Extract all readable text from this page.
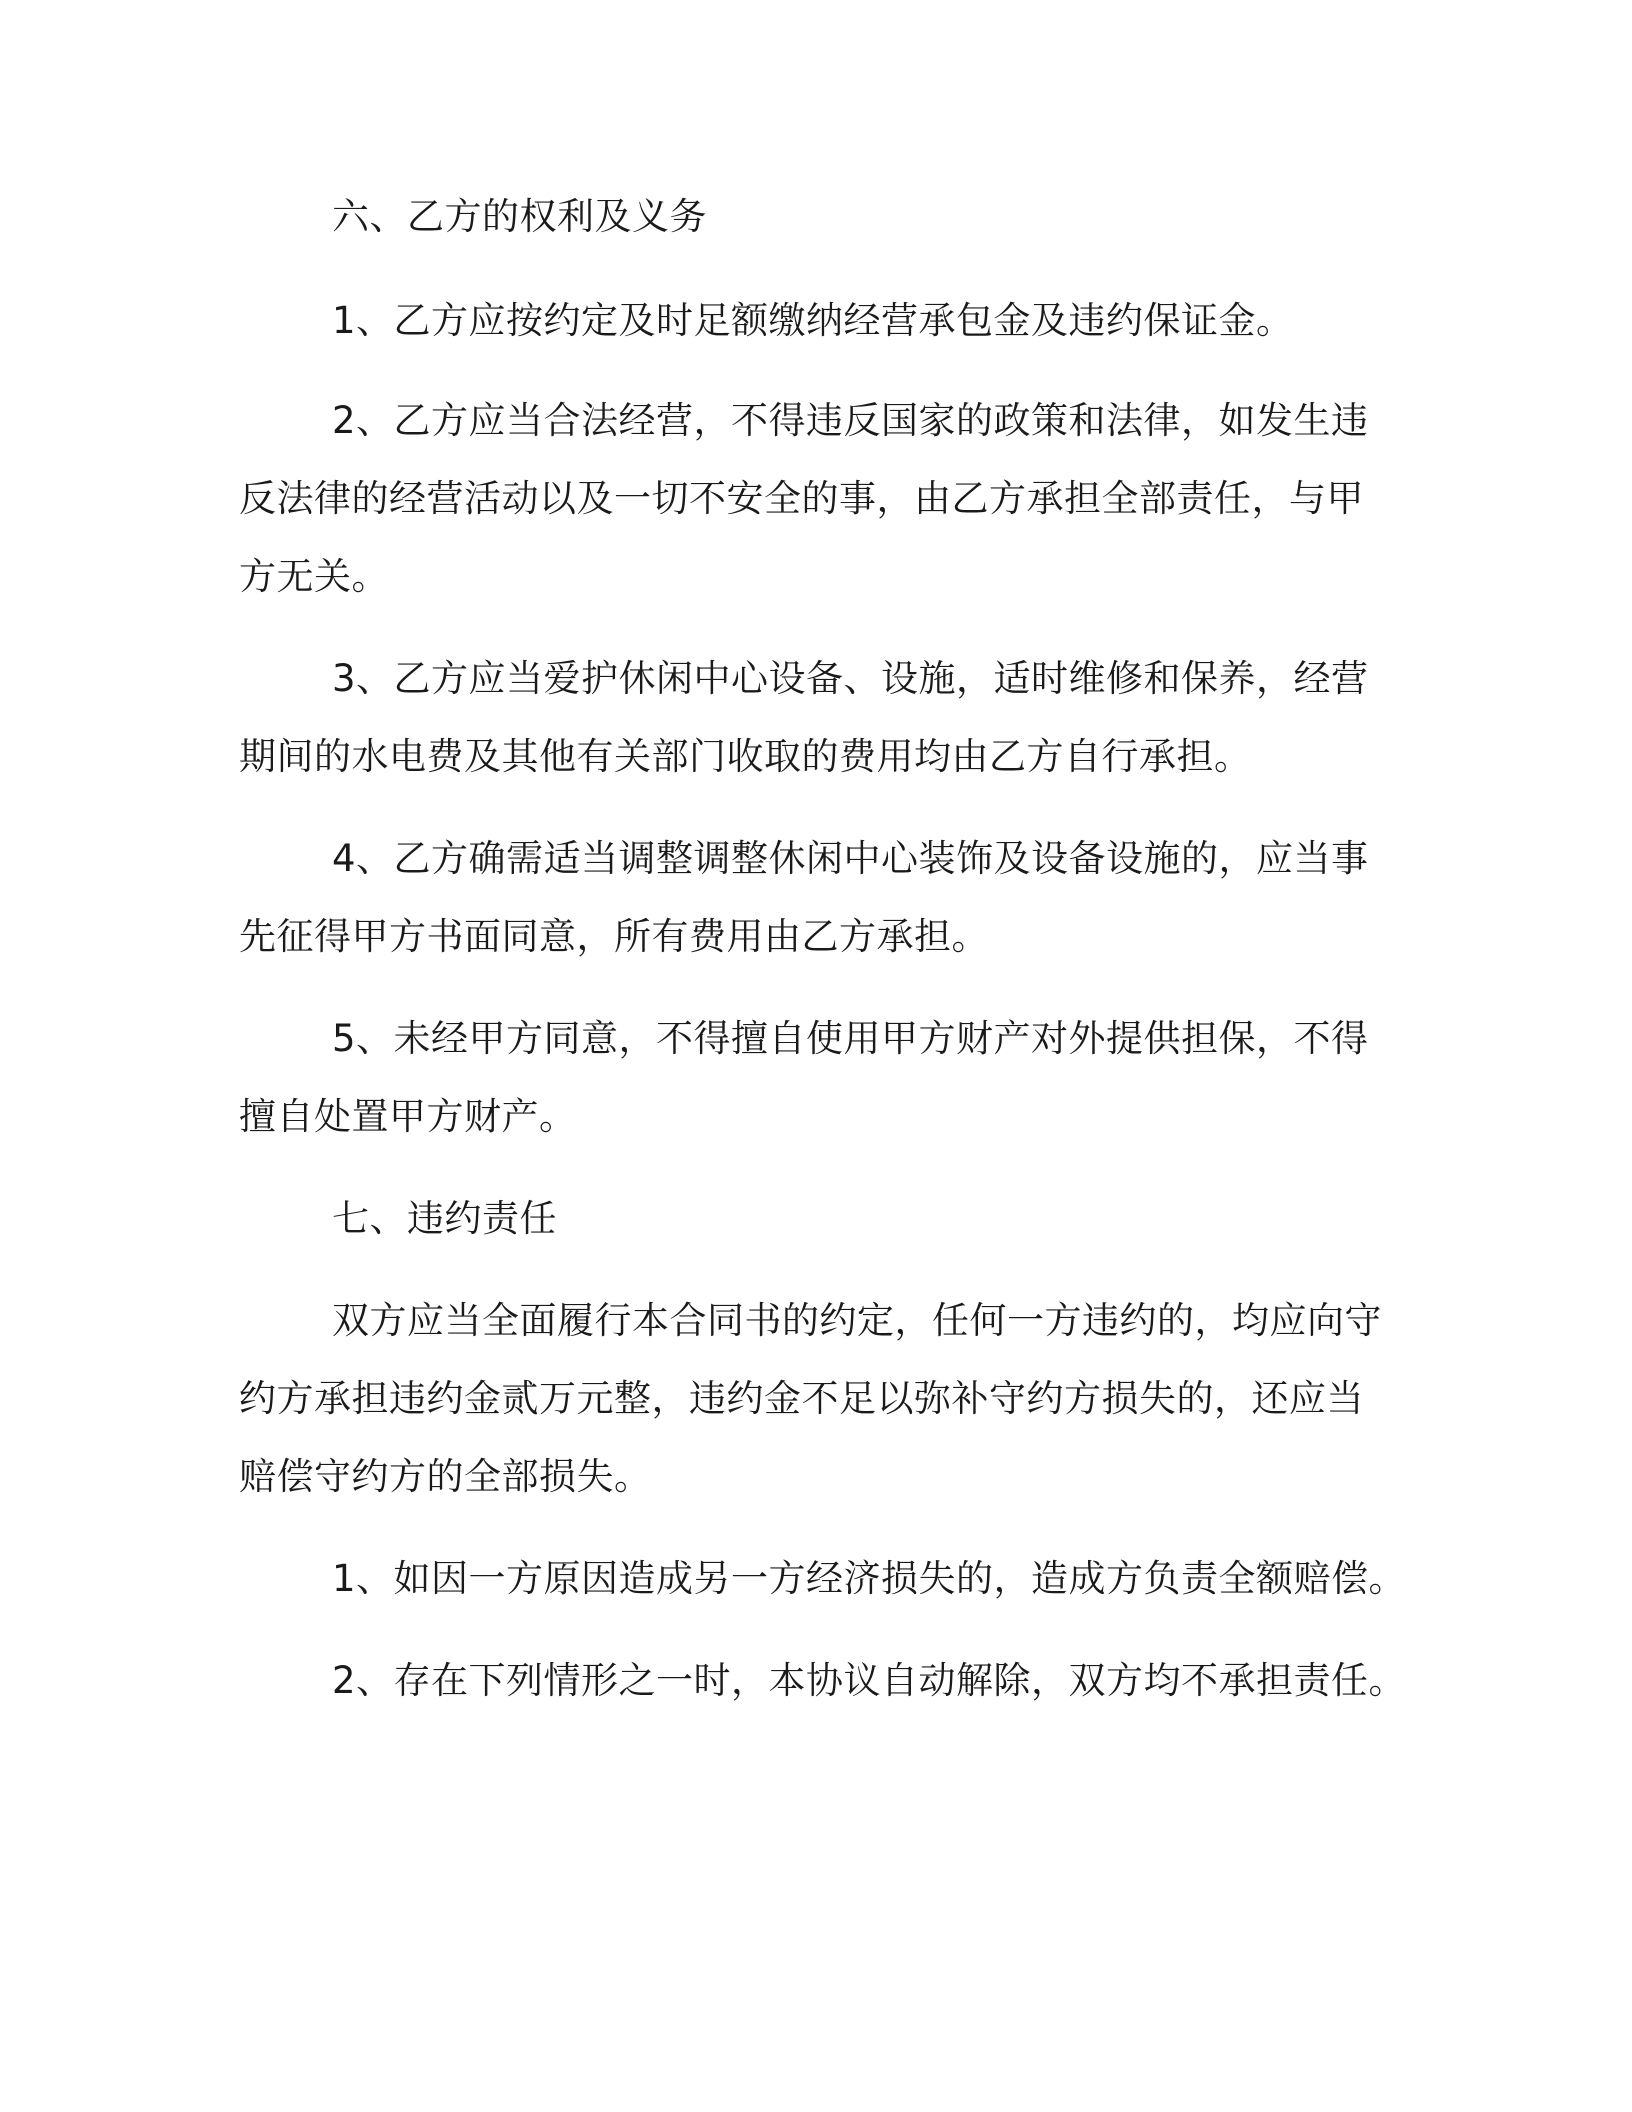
六、乙方的权利及义务
1、乙方应按约定及时足额缴纳经营承包金及违约保证金。
2、乙方应当合法经营，不得违反国家的政策和法律，如发生违
反法律的经营活动以及一切不安全的事，由乙方承担全部责任，与甲
方无关。
3、乙方应当爱护休闲中心设备、设施，适时维修和保养，经营
期间的水电费及其他有关部门收取的费用均由乙方自行承担。
4、乙方确需适当调整调整休闲中心装饰及设备设施的，应当事
先征得甲方书面同意，所有费用由乙方承担。
5、未经甲方同意，不得擅自使用甲方财产对外提供担保，不得
擅自处置甲方财产。
七、违约责任
双方应当全面履行本合同书的约定，任何一方违约的，均应向守
约方承担违约金贰万元整，违约金不足以弥补守约方损失的，还应当
赔偿守约方的全部损失。
1、如因一方原因造成另一方经济损失的，造成方负责全额赔偿。
2、存在下列情形之一时，本协议自动解除，双方均不承担责任。
